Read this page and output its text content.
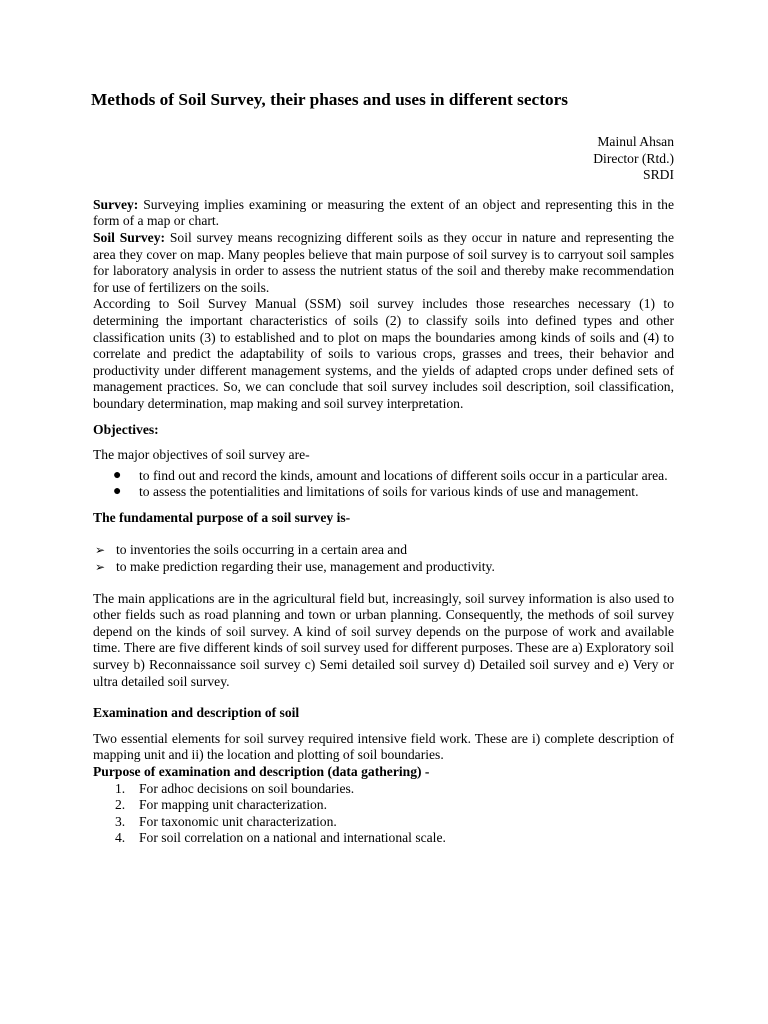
Methods of Soil Survey, their phases and uses in different sectors
Mainul Ahsan
Director (Rtd.)
SRDI

Survey: Surveying implies examining or measuring the extent of an object and representing this in the form of a map or chart.

Soil Survey: Soil survey means recognizing different soils as they occur in nature and representing the area they cover on map. Many peoples believe that main purpose of soil survey is to carryout soil samples for laboratory analysis in order to assess the nutrient status of the soil and thereby make recommendation for use of fertilizers on the soils.

According to Soil Survey Manual (SSM) soil survey includes those researches necessary (1) to determining the important characteristics of soils (2) to classify soils into defined types and other classification units (3) to established and to plot on maps the boundaries among kinds of soils and (4) to correlate and predict the adaptability of soils to various crops, grasses and trees, their behavior and productivity under different management systems, and the yields of adapted crops under defined sets of management practices. So, we can conclude that soil survey includes soil description, soil classification, boundary determination, map making and soil survey interpretation.

Objectives:

The major objectives of soil survey are-

● to find out and record the kinds, amount and locations of different soils occur in a particular area.
● to assess the potentialities and limitations of soils for various kinds of use and management.

The fundamental purpose of a soil survey is-

➢ to inventories the soils occurring in a certain area and
➢ to make prediction regarding their use, management and productivity.

The main applications are in the agricultural field but, increasingly, soil survey information is also used to other fields such as road planning and town or urban planning. Consequently, the methods of soil survey depend on the kinds of soil survey. A kind of soil survey depends on the purpose of work and available time. There are five different kinds of soil survey used for different purposes. These are a) Exploratory soil survey b) Reconnaissance soil survey c) Semi detailed soil survey d) Detailed soil survey and e) Very or ultra detailed soil survey.

Examination and description of soil

Two essential elements for soil survey required intensive field work. These are i) complete description of mapping unit and ii) the location and plotting of soil boundaries.

Purpose of examination and description (data gathering) -

1. For adhoc decisions on soil boundaries.
2. For mapping unit characterization.
3. For taxonomic unit characterization.
4. For soil correlation on a national and international scale.
